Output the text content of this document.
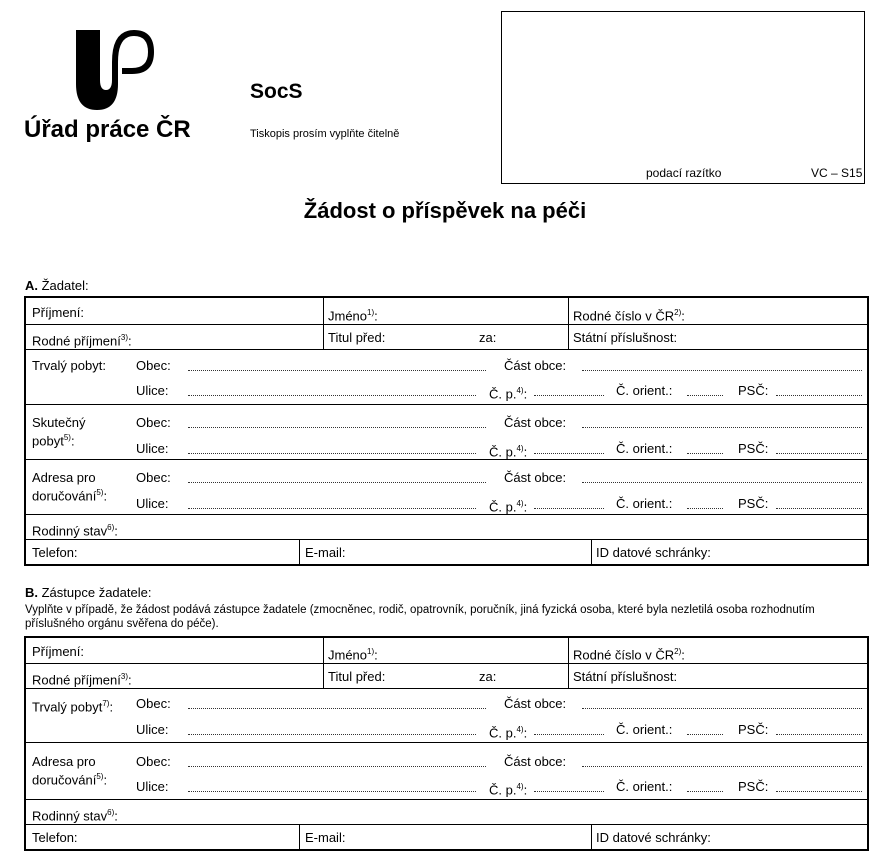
Úřad práce ČR
SocS
Tiskopis prosím vyplňte čitelně
podací razítko	VC – S15
Žádost o příspěvek na péči
A. Žadatel:
Příjmení:	Jméno$^{1)}$:	Rodné číslo v ČR$^{2)}$:
Rodné příjmení$^{3)}$:	Titul před:	za:	Státní příslušnost:
Trvalý pobyt: Obec:	Část obce:
Ulice:	Č. p.$^{4)}$:	Č. orient.:	PSČ:
Skutečný
pobyt$^{5)}$:
Obec:	Část obce:
Ulice:	Č. p.$^{4)}$:	Č. orient.:	PSČ:
Adresa pro
doručování$^{5)}$:
Obec:	Část obce:
Ulice:	Č. p.$^{4)}$:	Č. orient.:	PSČ:
Rodinný stav$^{6)}$:
Telefon:	E-mail:	ID datové schránky:
B. Zástupce žadatele:
Vyplňte v případě, že žádost podává zástupce žadatele (zmocněnec, rodič, opatrovník, poručník, jiná fyzická osoba, které byla nezletilá osoba rozhodnutím
příslušného orgánu svěřena do péče).
Příjmení:	Jméno$^{1)}$:	Rodné číslo v ČR$^{2)}$:
Rodné příjmení$^{3)}$:	Titul před:	za:	Státní příslušnost:
Trvalý pobyt$^{7)}$: Obec:	Část obce:
Ulice:	Č. p.$^{4)}$:	Č. orient.:	PSČ:
Adresa pro
doručování$^{5)}$:
Obec:	Část obce:
Ulice:	Č. p.$^{4)}$:	Č. orient.:	PSČ:
Rodinný stav$^{6)}$:
Telefon:	E-mail:	ID datové schránky:
